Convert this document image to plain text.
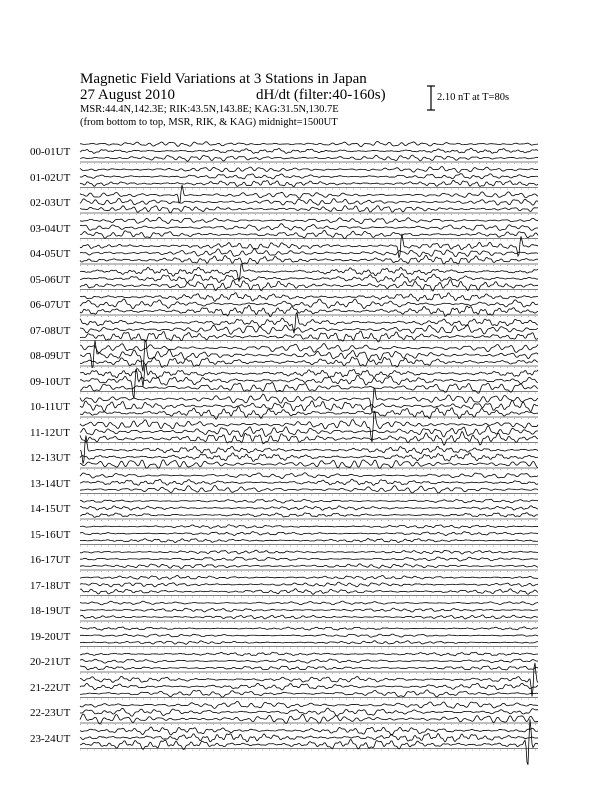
Magnetic Field Variations at 3 Stations in Japan
27 August 2010	dH/dt (filter:40-160s)
MSR:44.4N,142.3E; RIK:43.5N,143.8E; KAG:31.5N,130.7E
(from bottom to top, MSR, RIK, & KAG) midnight=1500UT
2.10 nT at T=80s
00-01UT
01-02UT
02-03UT
03-04UT
04-05UT
05-06UT
06-07UT
07-08UT
08-09UT
09-10UT
10-11UT
11-12UT
12-13UT
13-14UT
14-15UT
15-16UT
16-17UT
17-18UT
18-19UT
19-20UT
20-21UT
21-22UT
22-23UT
23-24UT
